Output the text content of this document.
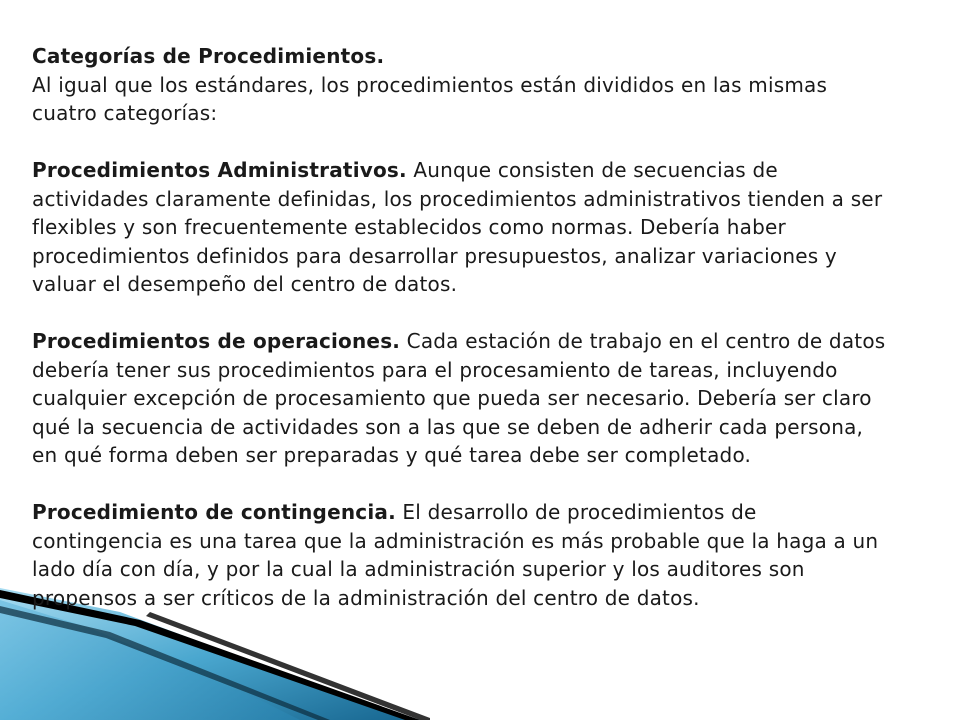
Categorías de Procedimientos.

Al igual que los estándares, los procedimientos están divididos en las mismas cuatro categorías:

Procedimientos Administrativos. Aunque consisten de secuencias de actividades claramente definidas, los procedimientos administrativos tienden a ser flexibles y son frecuentemente establecidos como normas. Debería haber procedimientos definidos para desarrollar presupuestos, analizar variaciones y valuar el desempeño del centro de datos.

Procedimientos de operaciones. Cada estación de trabajo en el centro de datos debería tener sus procedimientos para el procesamiento de tareas, incluyendo cualquier excepción de procesamiento que pueda ser necesario. Debería ser claro qué la secuencia de actividades son a las que se deben de adherir cada persona, en qué forma deben ser preparadas y qué tarea debe ser completado.

Procedimiento de contingencia. El desarrollo de procedimientos de contingencia es una tarea que la administración es más probable que la haga a un lado día con día, y por la cual la administración superior y los auditores son propensos a ser críticos de la administración del centro de datos.
